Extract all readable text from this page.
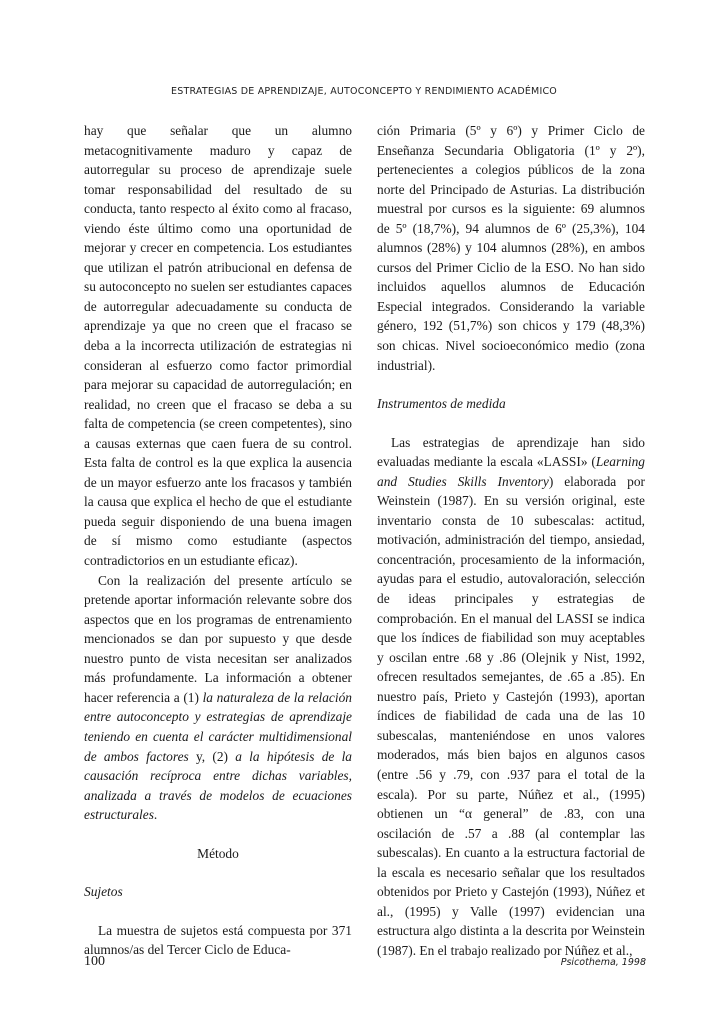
ESTRATEGIAS DE APRENDIZAJE, AUTOCONCEPTO Y RENDIMIENTO ACADÉMICO

hay que señalar que un alumno metacognitivamente maduro y capaz de autorregular su proceso de aprendizaje suele tomar responsabilidad del resultado de su conducta, tanto respecto al éxito como al fracaso, viendo éste último como una oportunidad de mejorar y crecer en competencia. Los estudiantes que utilizan el patrón atribucional en defensa de su autoconcepto no suelen ser estudiantes capaces de autorregular adecuadamente su conducta de aprendizaje ya que no creen que el fracaso se deba a la incorrecta utilización de estrategias ni consideran al esfuerzo como factor primordial para mejorar su capacidad de autorregulación; en realidad, no creen que el fracaso se deba a su falta de competencia (se creen competentes), sino a causas externas que caen fuera de su control. Esta falta de control es la que explica la ausencia de un mayor esfuerzo ante los fracasos y también la causa que explica el hecho de que el estudiante pueda seguir disponiendo de una buena imagen de sí mismo como estudiante (aspectos contradictorios en un estudiante eficaz).

Con la realización del presente artículo se pretende aportar información relevante sobre dos aspectos que en los programas de entrenamiento mencionados se dan por supuesto y que desde nuestro punto de vista necesitan ser analizados más profundamente. La información a obtener hacer referencia a (1) la naturaleza de la relación entre autoconcepto y estrategias de aprendizaje teniendo en cuenta el carácter multidimensional de ambos factores y, (2) a la hipótesis de la causación recíproca entre dichas variables, analizada a través de modelos de ecuaciones estructurales.

Método

Sujetos

La muestra de sujetos está compuesta por 371 alumnos/as del Tercer Ciclo de Educa-

ción Primaria (5º y 6º) y Primer Ciclo de Enseñanza Secundaria Obligatoria (1º y 2º), pertenecientes a colegios públicos de la zona norte del Principado de Asturias. La distribución muestral por cursos es la siguiente: 69 alumnos de 5º (18,7%), 94 alumnos de 6º (25,3%), 104 alumnos (28%) y 104 alumnos (28%), en ambos cursos del Primer Ciclio de la ESO. No han sido incluidos aquellos alumnos de Educación Especial integrados. Considerando la variable género, 192 (51,7%) son chicos y 179 (48,3%) son chicas. Nivel socioeconómico medio (zona industrial).

Instrumentos de medida

Las estrategias de aprendizaje han sido evaluadas mediante la escala «LASSI» (Learning and Studies Skills Inventory) elaborada por Weinstein (1987). En su versión original, este inventario consta de 10 subescalas: actitud, motivación, administración del tiempo, ansiedad, concentración, procesamiento de la información, ayudas para el estudio, autovaloración, selección de ideas principales y estrategias de comprobación. En el manual del LASSI se indica que los índices de fiabilidad son muy aceptables y oscilan entre .68 y .86 (Olejnik y Nist, 1992, ofrecen resultados semejantes, de .65 a .85). En nuestro país, Prieto y Castejón (1993), aportan índices de fiabilidad de cada una de las 10 subescalas, manteniéndose en unos valores moderados, más bien bajos en algunos casos (entre .56 y .79, con .937 para el total de la escala). Por su parte, Núñez et al., (1995) obtienen un “α general” de .83, con una oscilación de .57 a .88 (al contemplar las subescalas). En cuanto a la estructura factorial de la escala es necesario señalar que los resultados obtenidos por Prieto y Castejón (1993), Núñez et al., (1995) y Valle (1997) evidencian una estructura algo distinta a la descrita por Weinstein (1987). En el trabajo realizado por Núñez et al.,

100	Psicothema, 1998
